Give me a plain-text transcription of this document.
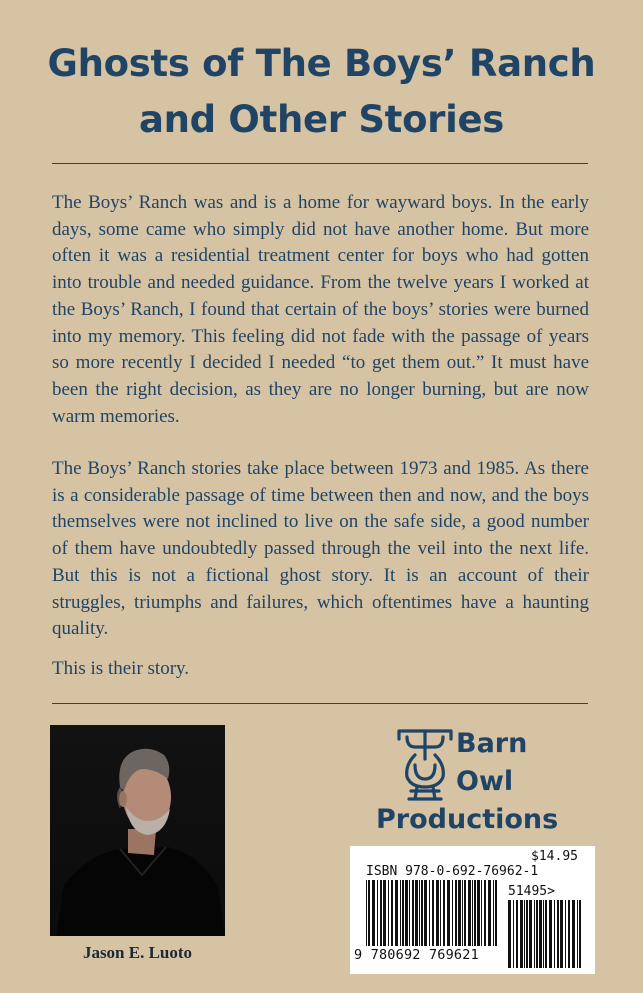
Ghosts of The Boys’ Ranch
and Other Stories

The Boys’ Ranch was and is a home for wayward boys. In the early days, some came who simply did not have another home. But more often it was a residential treatment center for boys who had gotten into trouble and needed guidance. From the twelve years I worked at the Boys’ Ranch, I found that certain of the boys’ stories were burned into my memory. This feeling did not fade with the passage of years so more recently I decided I needed “to get them out.” It must have been the right decision, as they are no longer burning, but are now warm memories.

The Boys’ Ranch stories take place between 1973 and 1985. As there is a considerable passage of time between then and now, and the boys themselves were not inclined to live on the safe side, a good number of them have undoubtedly passed through the veil into the next life. But this is not a fictional ghost story. It is an account of their struggles, triumphs and failures, which oftentimes have a haunting quality.

This is their story.

Jason E. Luoto
Barn
Owl
Productions
$14.95
ISBN 978-0-692-76962-1
51495>
9 780692 769621
